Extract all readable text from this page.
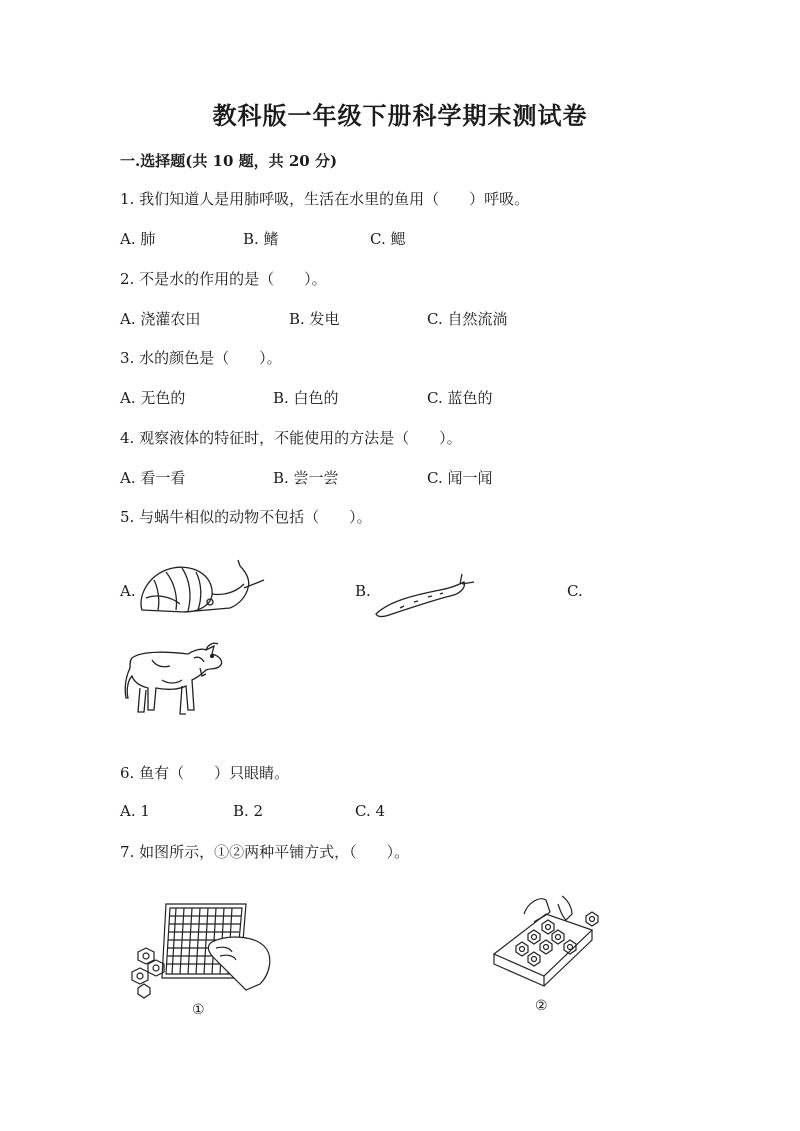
教科版一年级下册科学期末测试卷
一.选择题(共 10 题，共 20 分)
1. 我们知道人是用肺呼吸，生活在水里的鱼用（　　）呼吸。
A. 肺	B. 鳍	C. 鳃
2. 不是水的作用的是（　　）。
A. 浇灌农田	B. 发电	C. 自然流淌
3. 水的颜色是（　　）。
A. 无色的	B. 白色的	C. 蓝色的
4. 观察液体的特征时，不能使用的方法是（　　）。
A. 看一看	B. 尝一尝	C. 闻一闻
5. 与蜗牛相似的动物不包括（　　）。
A.	B.	C.
6. 鱼有（　　）只眼睛。
A. 1	B. 2	C. 4
7. 如图所示，①②两种平铺方式，（　　）。
①	②
